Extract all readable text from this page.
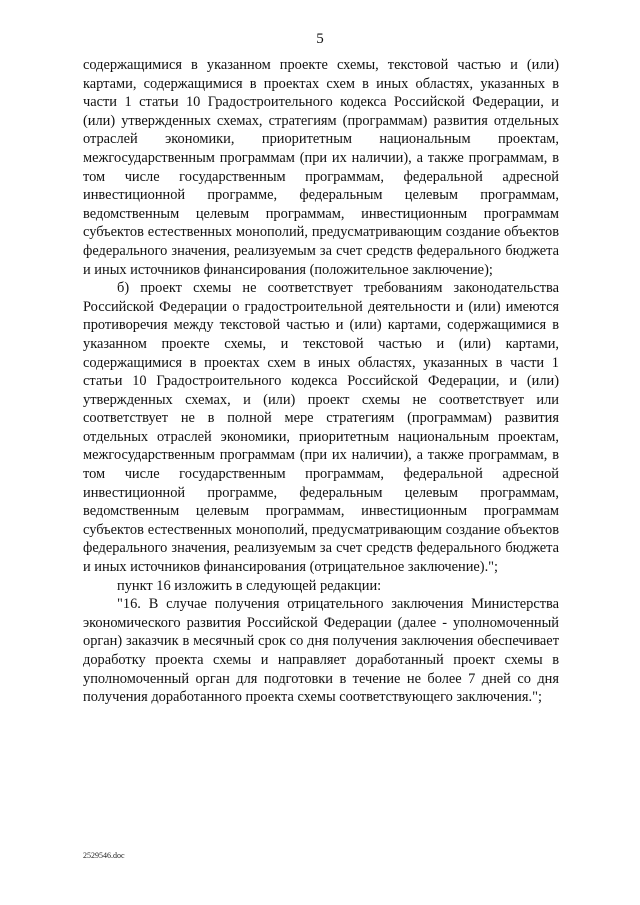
5

содержащимися в указанном проекте схемы, текстовой частью и (или) картами, содержащимися в проектах схем в иных областях, указанных в части 1 статьи 10 Градостроительного кодекса Российской Федерации, и (или) утвержденных схемах, стратегиям (программам) развития отдельных отраслей экономики, приоритетным национальным проектам, межгосударственным программам (при их наличии), а также программам, в том числе государственным программам, федеральной адресной инвестиционной программе, федеральным целевым программам, ведомственным целевым программам, инвестиционным программам субъектов естественных монополий, предусматривающим создание объектов федерального значения, реализуемым за счет средств федерального бюджета и иных источников финансирования (положительное заключение);

б) проект схемы не соответствует требованиям законодательства Российской Федерации о градостроительной деятельности и (или) имеются противоречия между текстовой частью и (или) картами, содержащимися в указанном проекте схемы, и текстовой частью и (или) картами, содержащимися в проектах схем в иных областях, указанных в части 1 статьи 10 Градостроительного кодекса Российской Федерации, и (или) утвержденных схемах, и (или) проект схемы не соответствует или соответствует не в полной мере стратегиям (программам) развития отдельных отраслей экономики, приоритетным национальным проектам, межгосударственным программам (при их наличии), а также программам, в том числе государственным программам, федеральной адресной инвестиционной программе, федеральным целевым программам, ведомственным целевым программам, инвестиционным программам субъектов естественных монополий, предусматривающим создание объектов федерального значения, реализуемым за счет средств федерального бюджета и иных источников финансирования (отрицательное заключение).";

пункт 16 изложить в следующей редакции:

"16. В случае получения отрицательного заключения Министерства экономического развития Российской Федерации (далее - уполномоченный орган) заказчик в месячный срок со дня получения заключения обеспечивает доработку проекта схемы и направляет доработанный проект схемы в уполномоченный орган для подготовки в течение не более 7 дней со дня получения доработанного проекта схемы соответствующего заключения.";

2529546.doc
